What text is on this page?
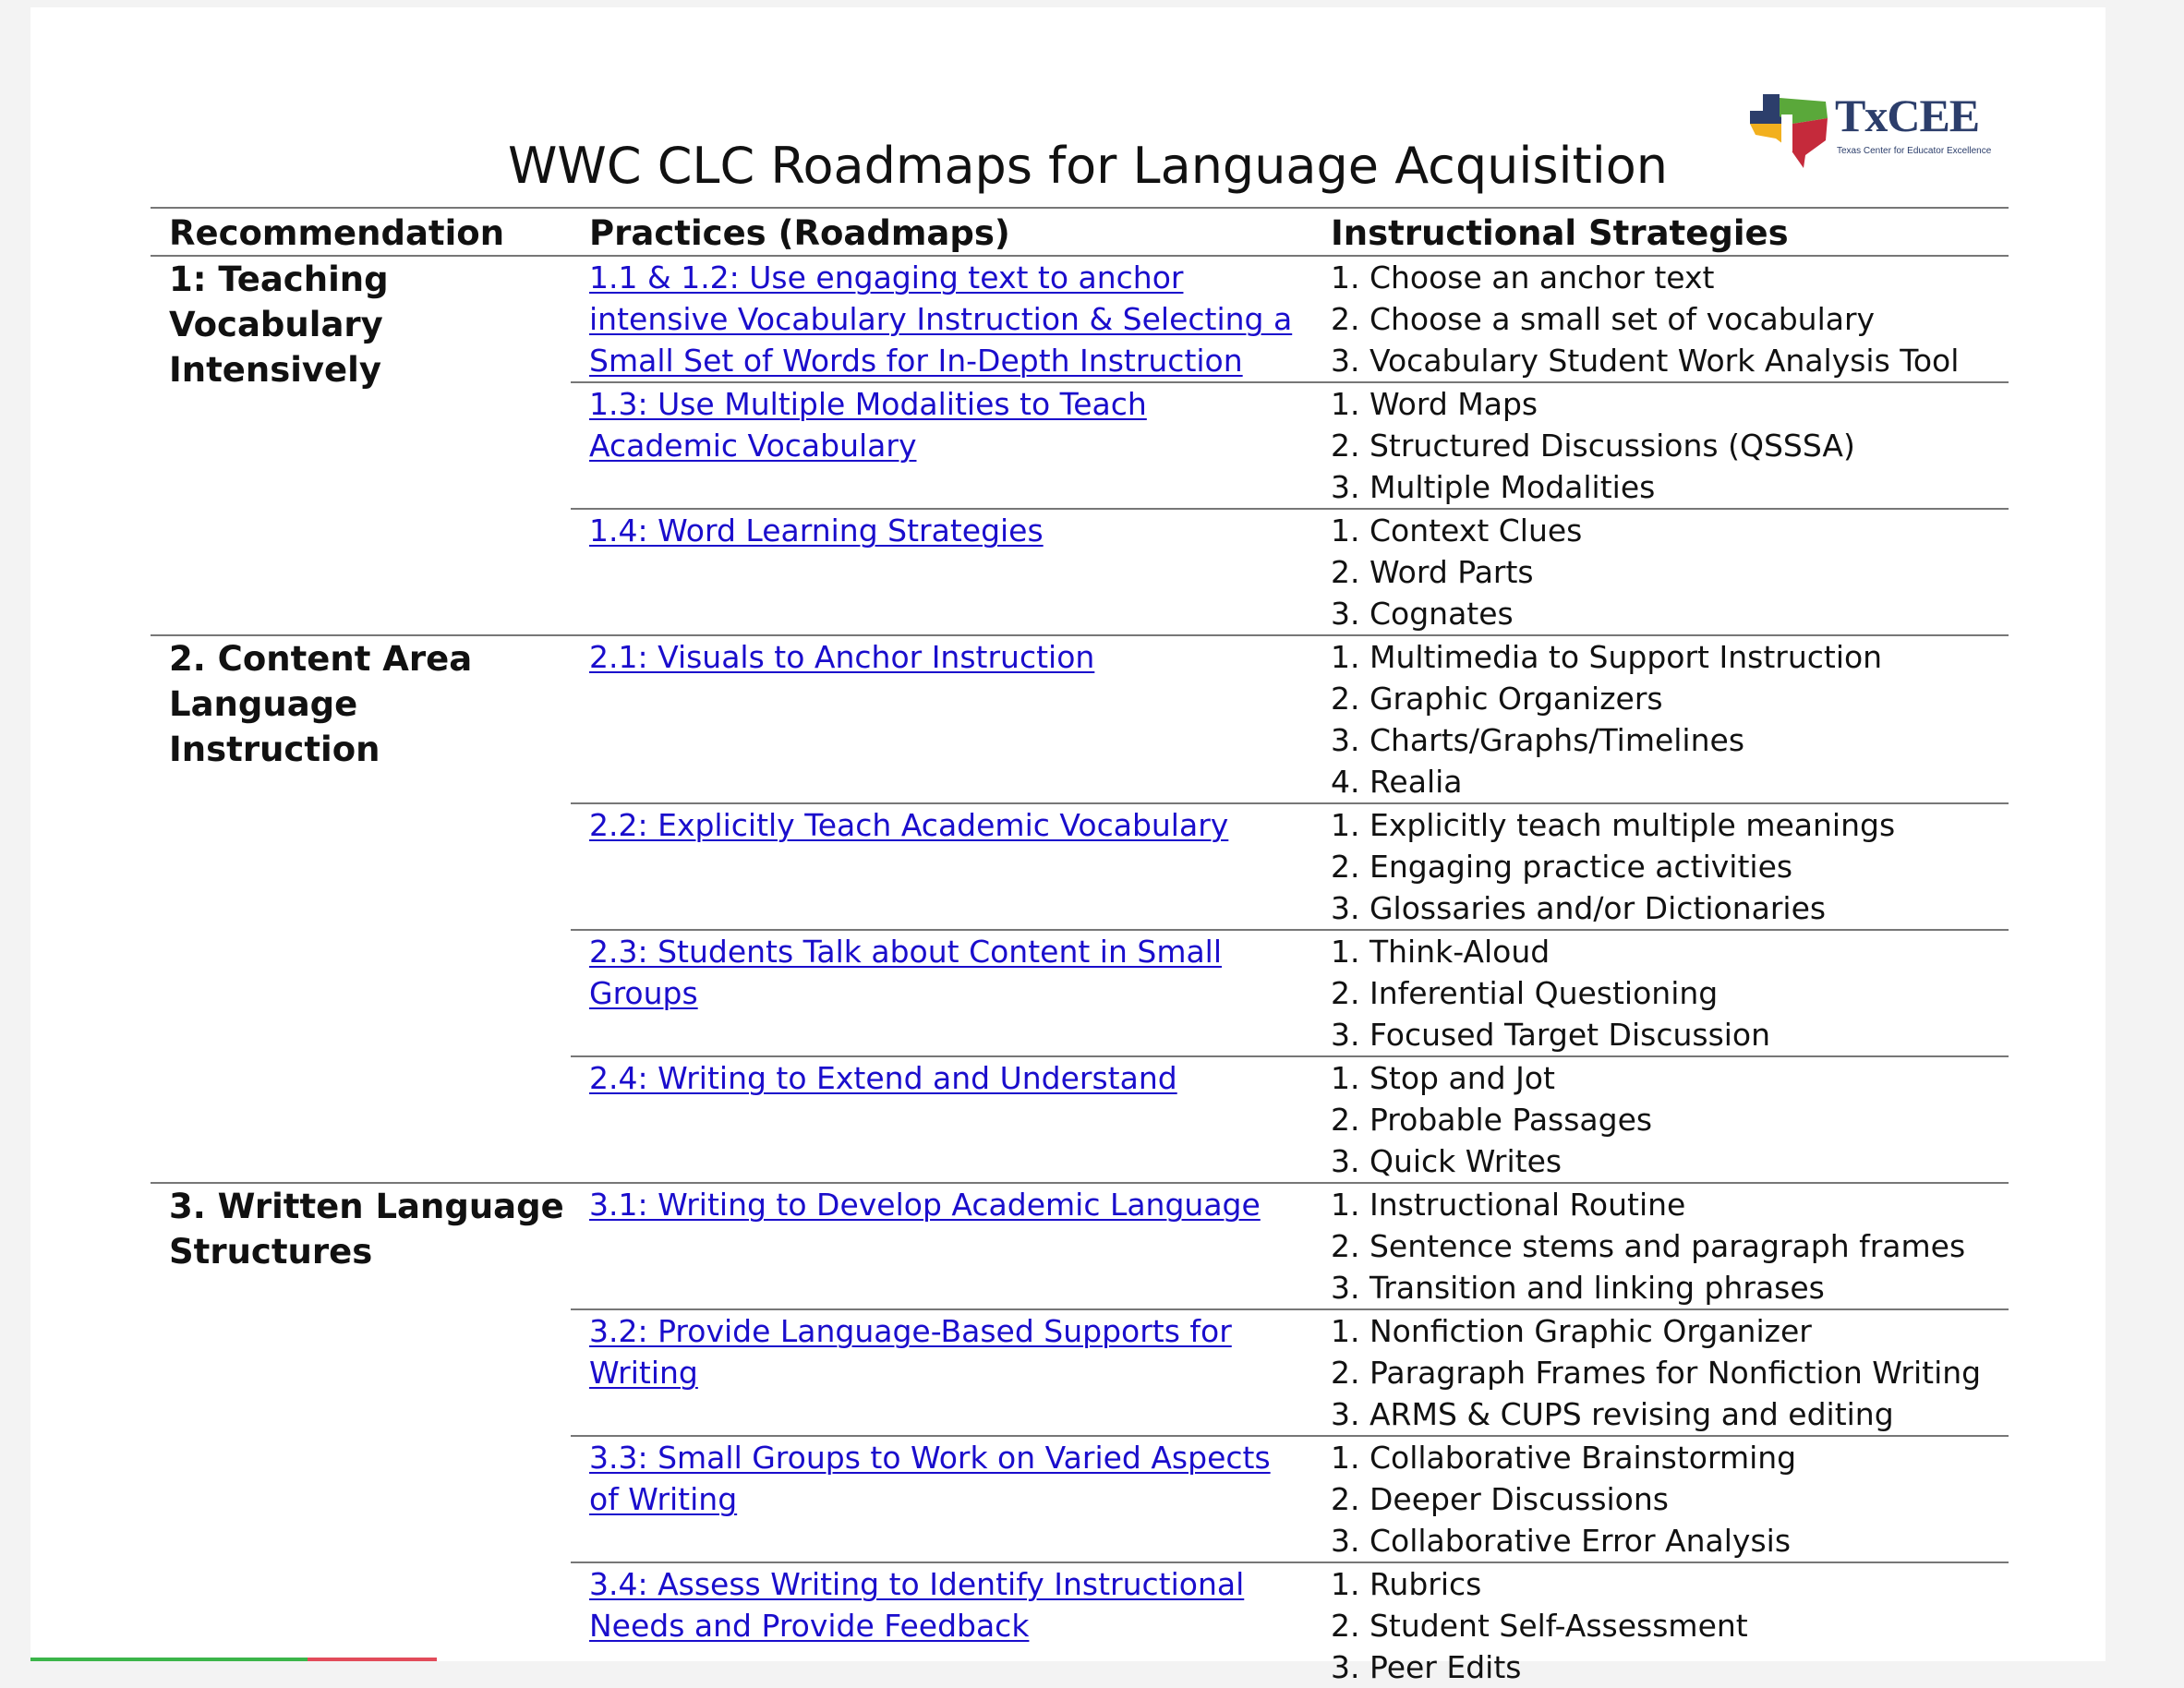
TxCEE
Texas Center for Educator Excellence
WWC CLC Roadmaps for Language Acquisition
Recommendation	Practices (Roadmaps)	Instructional Strategies
1: Teaching Vocabulary Intensively	1.1 & 1.2: Use engaging text to anchor intensive Vocabulary Instruction & Selecting a Small Set of Words for In-Depth Instruction	1. Choose an anchor text
2. Choose a small set of vocabulary
3. Vocabulary Student Work Analysis Tool

	1.3: Use Multiple Modalities to Teach Academic Vocabulary	1. Word Maps
2. Structured Discussions (QSSSA)
3. Multiple Modalities

	1.4: Word Learning Strategies	1. Context Clues
2. Word Parts
3. Cognates

2. Content Area Language Instruction	2.1: Visuals to Anchor Instruction	1. Multimedia to Support Instruction
2. Graphic Organizers
3. Charts/Graphs/Timelines
4. Realia

	2.2: Explicitly Teach Academic Vocabulary	1. Explicitly teach multiple meanings
2. Engaging practice activities
3. Glossaries and/or Dictionaries

	2.3: Students Talk about Content in Small Groups	1. Think-Aloud
2. Inferential Questioning
3. Focused Target Discussion

	2.4: Writing to Extend and Understand	1. Stop and Jot
2. Probable Passages
3. Quick Writes

3. Written Language Structures	3.1: Writing to Develop Academic Language	1. Instructional Routine
2. Sentence stems and paragraph frames
3. Transition and linking phrases

	3.2: Provide Language-Based Supports for Writing	1. Nonfiction Graphic Organizer
2. Paragraph Frames for Nonfiction Writing
3. ARMS & CUPS revising and editing

	3.3: Small Groups to Work on Varied Aspects of Writing	1. Collaborative Brainstorming
2. Deeper Discussions
3. Collaborative Error Analysis

	3.4: Assess Writing to Identify Instructional Needs and Provide Feedback	1. Rubrics
2. Student Self-Assessment
3. Peer Edits
